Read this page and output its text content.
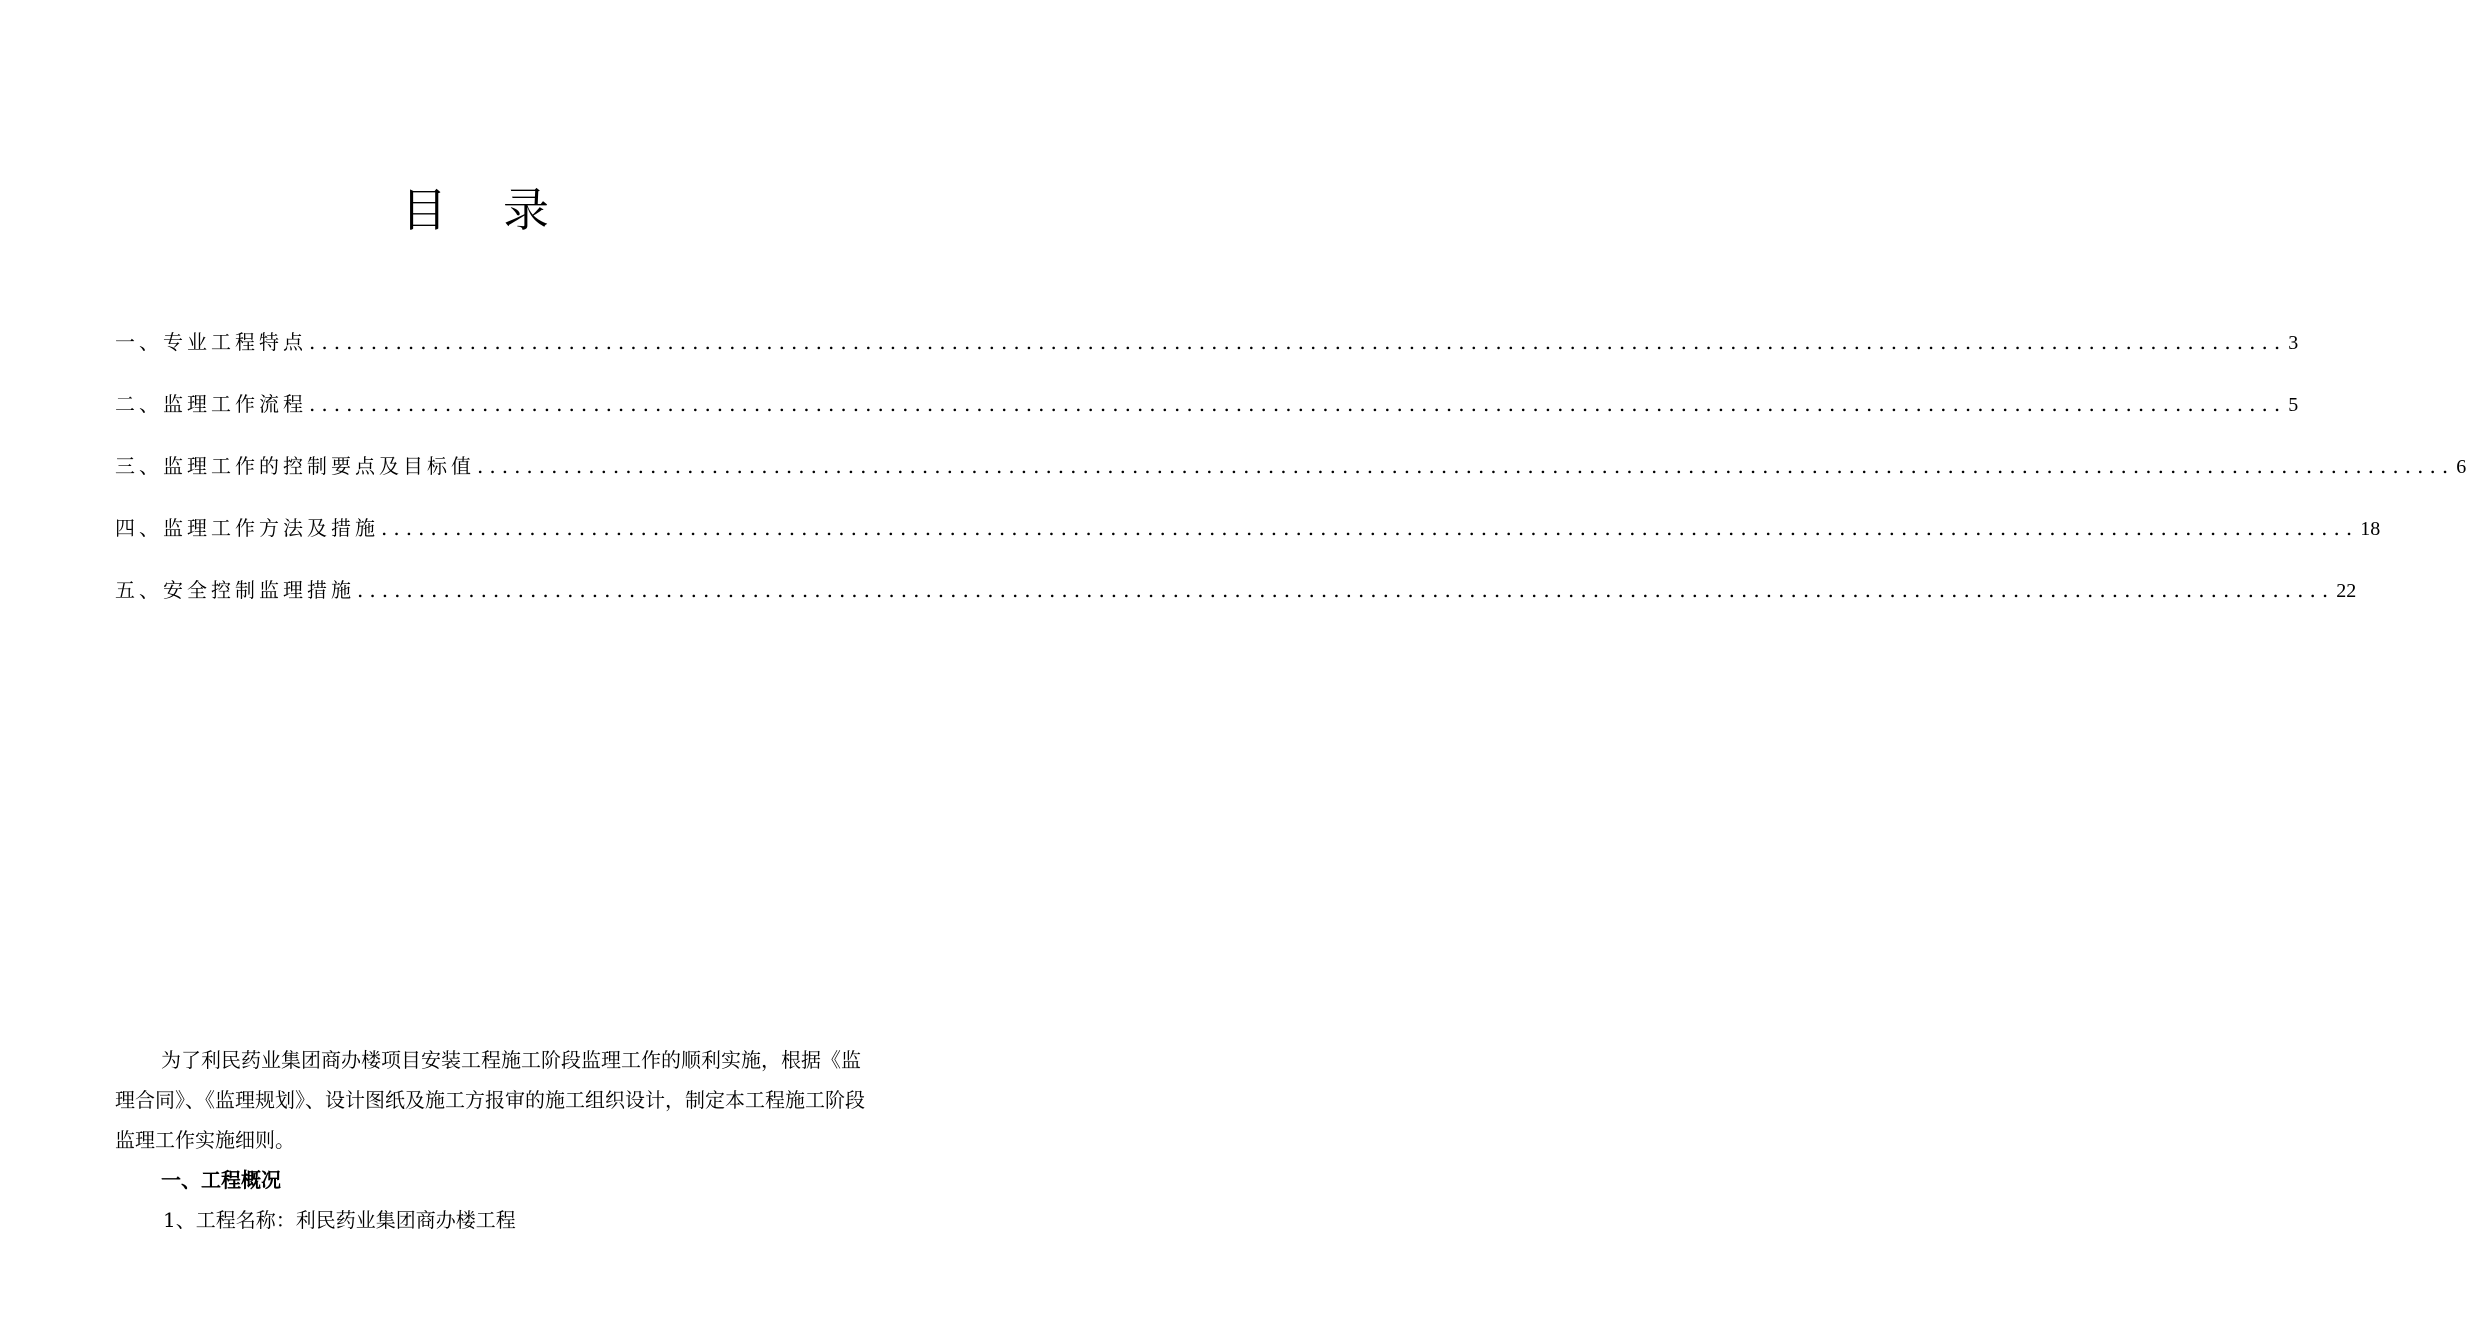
目 录
一、专业工程特点 ................................................................................................................................................................ 3
二、监理工作流程 ................................................................................................................................................................ 5
三、监理工作的控制要点及目标值 ................................................................................................................................................................ 6
四、监理工作方法及措施 ................................................................................................................................................................ 18
五、安全控制监理措施 ................................................................................................................................................................ 22

为了利民药业集团商办楼项目安装工程施工阶段监理工作的顺利实施，根据《监理合同》、《监理规划》、设计图纸及施工方报审的施工组织设计，制定本工程施工阶段监理工作实施细则。

一、工程概况

1、工程名称：利民药业集团商办楼工程
